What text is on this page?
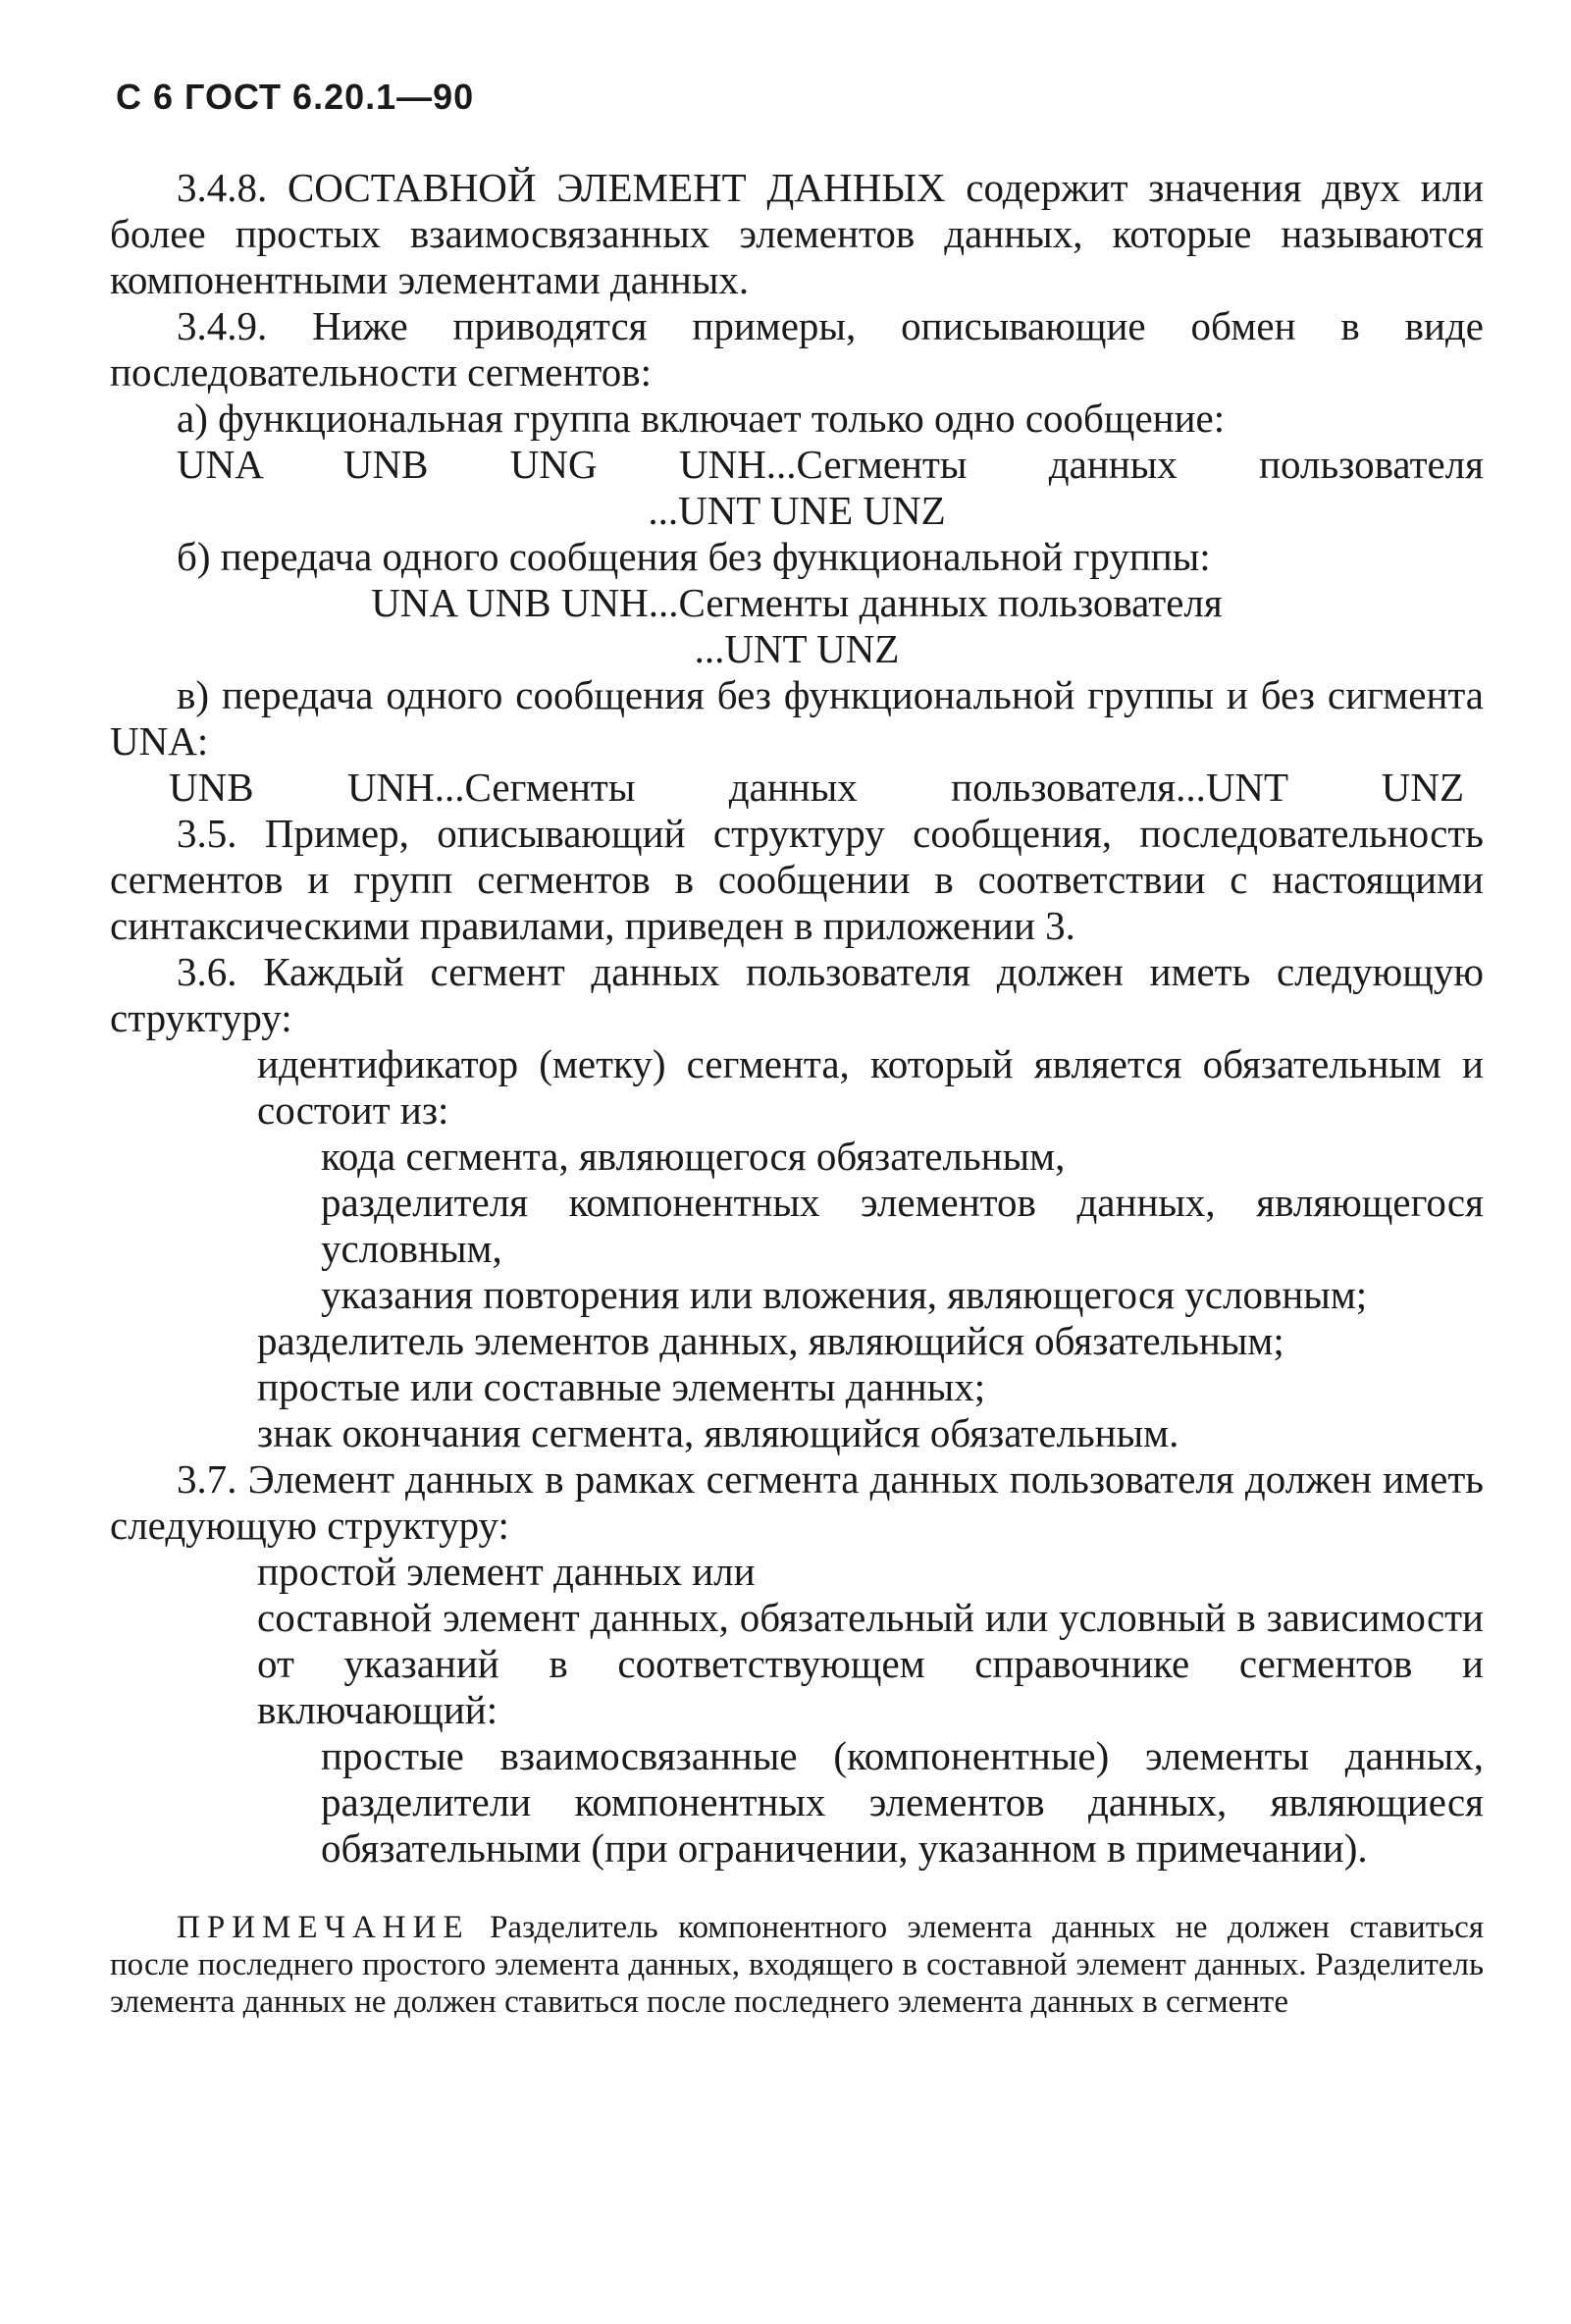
С 6 ГОСТ 6.20.1—90

3.4.8. СОСТАВНОЙ ЭЛЕМЕНТ ДАННЫХ содержит значения двух или более простых взаимосвязанных элементов данных, которые называются компонентными элементами данных.

3.4.9. Ниже приводятся примеры, описывающие обмен в виде последовательности сегментов:

а) функциональная группа включает только одно сообщение:

UNA UNB UNG UNH...Сегменты данных пользователя

...UNT UNE UNZ

б) передача одного сообщения без функциональной группы:

UNA UNB UNH...Сегменты данных пользователя

...UNT UNZ

в) передача одного сообщения без функциональной группы и без сигмента UNA:

UNB UNH...Сегменты данных пользователя...UNT UNZ

3.5. Пример, описывающий структуру сообщения, последовательность сегментов и групп сегментов в сообщении в соответствии с настоящими синтаксическими правилами, приведен в приложении 3.

3.6. Каждый сегмент данных пользователя должен иметь следующую структуру:

идентификатор (метку) сегмента, который является обязательным и состоит из:

кода сегмента, являющегося обязательным,

разделителя компонентных элементов данных, являющегося условным,

указания повторения или вложения, являющегося условным;

разделитель элементов данных, являющийся обязательным;

простые или составные элементы данных;

знак окончания сегмента, являющийся обязательным.

3.7. Элемент данных в рамках сегмента данных пользователя должен иметь следующую структуру:

простой элемент данных или

составной элемент данных, обязательный или условный в зависимости от указаний в соответствующем справочнике сегментов и включающий:

простые взаимосвязанные (компонентные) элементы данных, разделители компонентных элементов данных, являющиеся обязательными (при ограничении, указанном в примечании).

ПРИМЕЧАНИЕ Разделитель компонентного элемента данных не должен ставиться после последнего простого элемента данных, входящего в составной элемент данных. Разделитель элемента данных не должен ставиться после последнего элемента данных в сегменте
